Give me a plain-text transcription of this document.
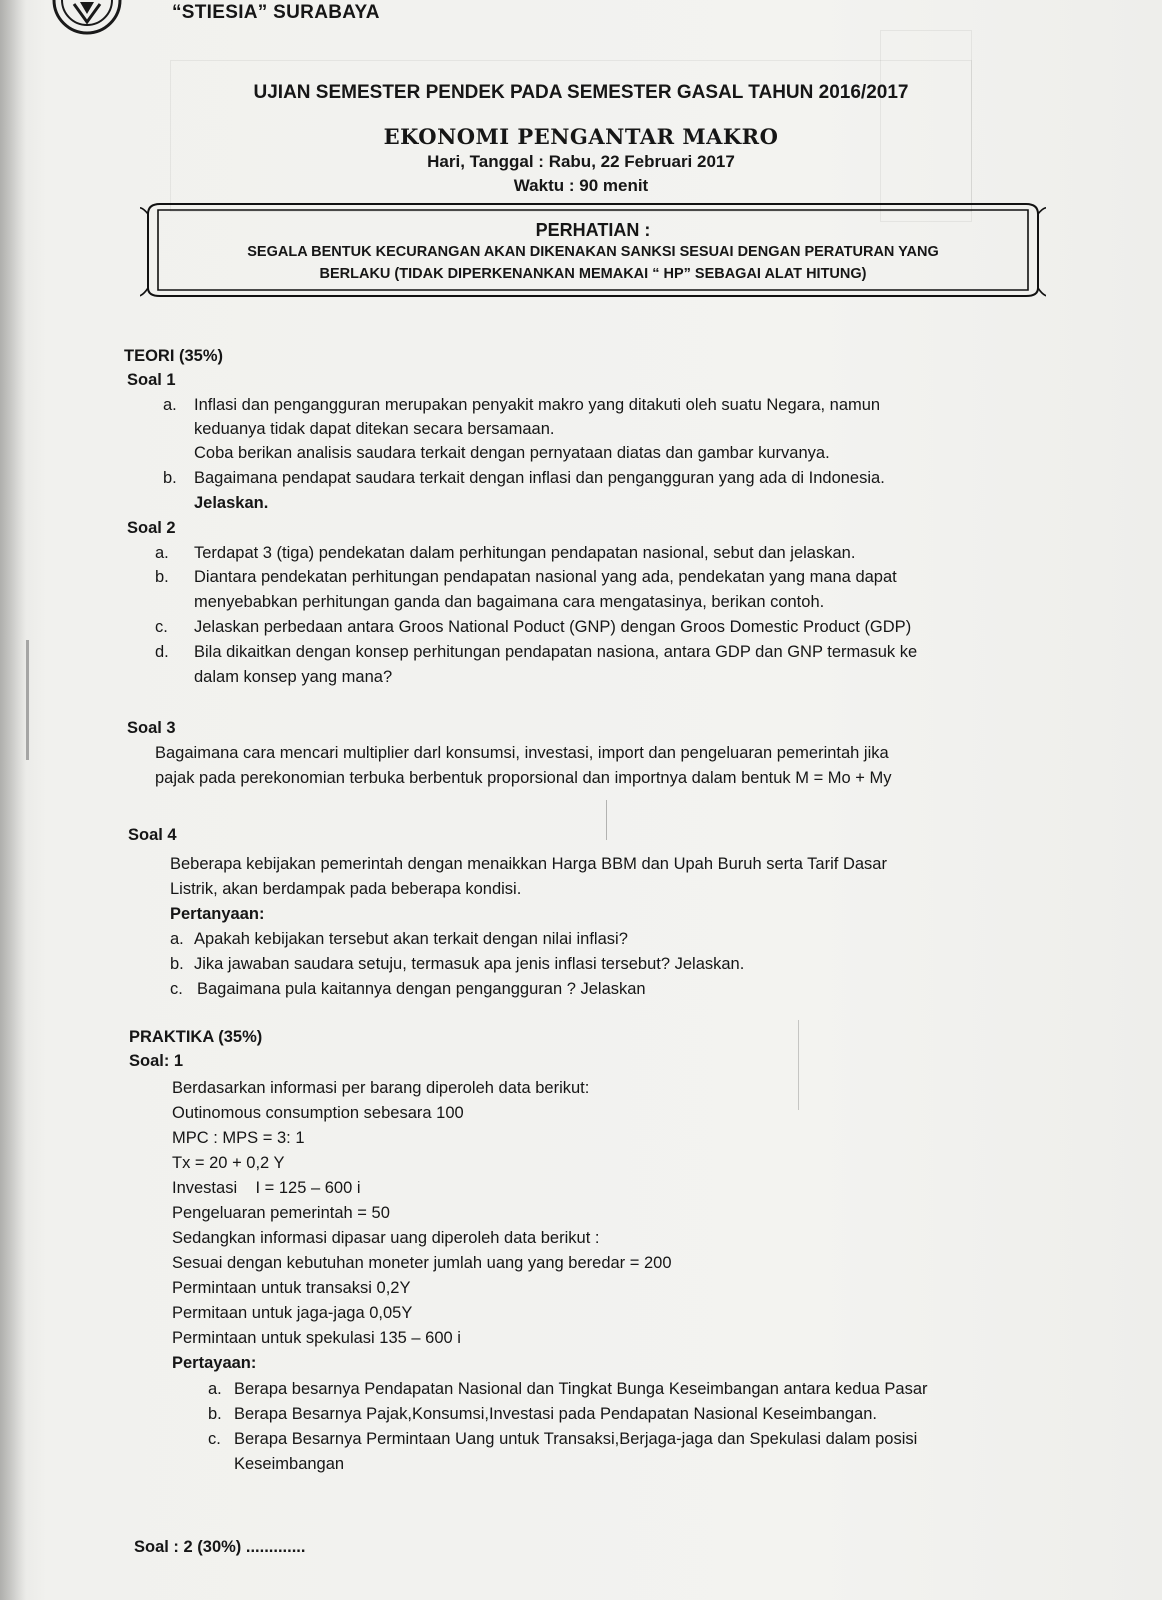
“STIESIA” SURABAYA
UJIAN SEMESTER PENDEK PADA SEMESTER GASAL TAHUN 2016/2017
EKONOMI PENGANTAR MAKRO
Hari, Tanggal : Rabu, 22 Februari 2017
Waktu : 90 menit
PERHATIAN :
SEGALA BENTUK KECURANGAN AKAN DIKENAKAN SANKSI SESUAI DENGAN PERATURAN YANG
BERLAKU (TIDAK DIPERKENANKAN MEMAKAI “ HP” SEBAGAI ALAT HITUNG)
TEORI (35%)
Soal 1
a. Inflasi dan pengangguran merupakan penyakit makro yang ditakuti oleh suatu Negara, namun
keduanya tidak dapat ditekan secara bersamaan.
Coba berikan analisis saudara terkait dengan pernyataan diatas dan gambar kurvanya.
b. Bagaimana pendapat saudara terkait dengan inflasi dan pengangguran yang ada di Indonesia.
Jelaskan.
Soal 2
a. Terdapat 3 (tiga) pendekatan dalam perhitungan pendapatan nasional, sebut dan jelaskan.
b. Diantara pendekatan perhitungan pendapatan nasional yang ada, pendekatan yang mana dapat
menyebabkan perhitungan ganda dan bagaimana cara mengatasinya, berikan contoh.
c. Jelaskan perbedaan antara Groos National Poduct (GNP) dengan Groos Domestic Product (GDP)
d. Bila dikaitkan dengan konsep perhitungan pendapatan nasiona, antara GDP dan GNP termasuk ke
dalam konsep yang mana?
Soal 3
Bagaimana cara mencari multiplier darl konsumsi, investasi, import dan pengeluaran pemerintah jika
pajak pada perekonomian terbuka berbentuk proporsional dan importnya dalam bentuk M = Mo + My
Soal 4
Beberapa kebijakan pemerintah dengan menaikkan Harga BBM dan Upah Buruh serta Tarif Dasar
Listrik, akan berdampak pada beberapa kondisi.
Pertanyaan:
a. Apakah kebijakan tersebut akan terkait dengan nilai inflasi?
b. Jika jawaban saudara setuju, termasuk apa jenis inflasi tersebut? Jelaskan.
c. Bagaimana pula kaitannya dengan pengangguran ? Jelaskan
PRAKTIKA (35%)
Soal: 1
Berdasarkan informasi per barang diperoleh data berikut:
Outinomous consumption sebesara 100
MPC : MPS = 3: 1
Tx = 20 + 0,2 Y
Investasi    I = 125 – 600 i
Pengeluaran pemerintah = 50
Sedangkan informasi dipasar uang diperoleh data berikut :
Sesuai dengan kebutuhan moneter jumlah uang yang beredar = 200
Permintaan untuk transaksi 0,2Y
Permitaan untuk jaga-jaga 0,05Y
Permintaan untuk spekulasi 135 – 600 i
Pertayaan:
a. Berapa besarnya Pendapatan Nasional dan Tingkat Bunga Keseimbangan antara kedua Pasar
b. Berapa Besarnya Pajak,Konsumsi,Investasi pada Pendapatan Nasional Keseimbangan.
c. Berapa Besarnya Permintaan Uang untuk Transaksi,Berjaga-jaga dan Spekulasi dalam posisi
Keseimbangan
Soal : 2 (30%) .............
